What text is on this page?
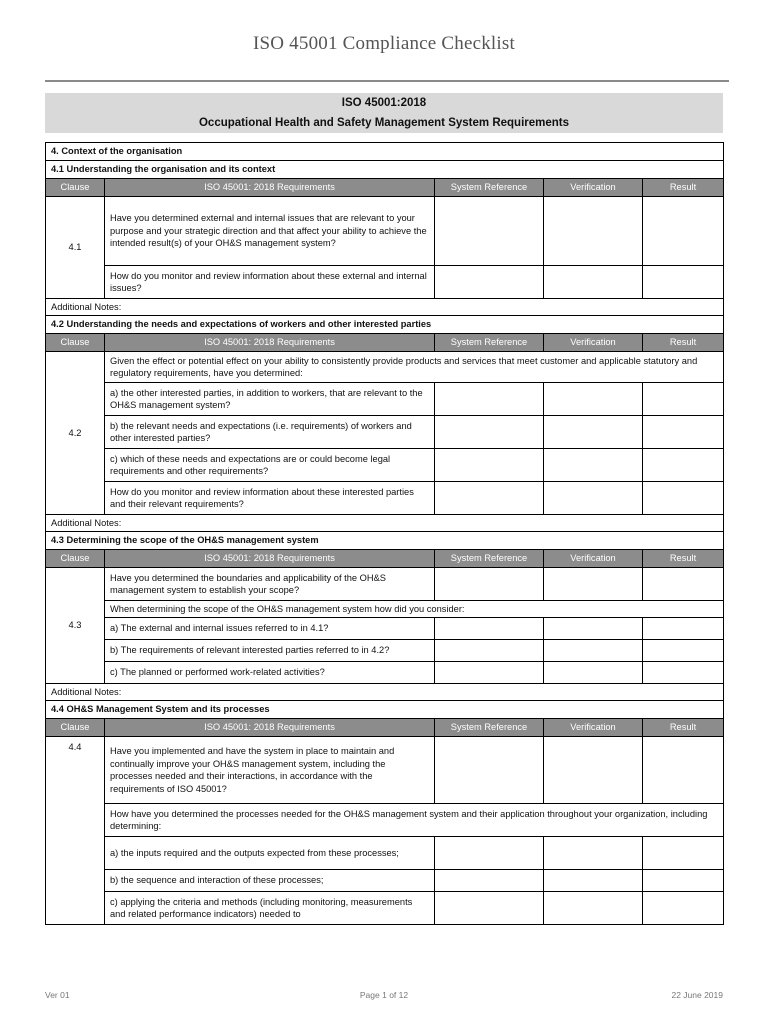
ISO 45001 Compliance Checklist
ISO 45001:2018
Occupational Health and Safety Management System Requirements
4. Context of the organisation				
4.1 Understanding the organisation and its context				
Clause	ISO 45001: 2018 Requirements	System Reference	Verification	Result
4.1	Have you determined external and internal issues that are relevant to your purpose and your strategic direction and that affect your ability to achieve the intended result(s) of your OH&S management system?			
	How do you monitor and review information about these external and internal issues?			
Additional Notes:				
4.2 Understanding the needs and expectations of workers and other interested parties				
Clause	ISO 45001: 2018 Requirements	System Reference	Verification	Result
4.2	Given the effect or potential effect on your ability to consistently provide products and services that meet customer and applicable statutory and regulatory requirements, have you determined:			
	a) the other interested parties, in addition to workers, that are relevant to the OH&S management system?			
	b) the relevant needs and expectations (i.e. requirements) of workers and other interested parties?			
	c) which of these needs and expectations are or could become legal requirements and other requirements?			
	How do you monitor and review information about these interested parties and their relevant requirements?			
Additional Notes:				
4.3 Determining the scope of the OH&S management system				
Clause	ISO 45001: 2018 Requirements	System Reference	Verification	Result
4.3	Have you determined the boundaries and applicability of the OH&S management system to establish your scope?			
	When determining the scope of the OH&S management system how did you consider:			
	a) The external and internal issues referred to in 4.1?			
	b) The requirements of relevant interested parties referred to in 4.2?			
	c) The planned or performed work-related activities?			
Additional Notes:				
4.4 OH&S Management System and its processes				
Clause	ISO 45001: 2018 Requirements	System Reference	Verification	Result
4.4	Have you implemented and have the system in place to maintain and continually improve your OH&S management system, including the processes needed and their interactions, in accordance with the requirements of ISO 45001?			
	How have you determined the processes needed for the OH&S management system and their application throughout your organization, including determining:			
	a) the inputs required and the outputs expected from these processes;			
	b) the sequence and interaction of these processes;			
	c) applying the criteria and methods (including monitoring, measurements and related performance indicators) needed to			
Ver 01	Page 1 of 12	22 June 2019
